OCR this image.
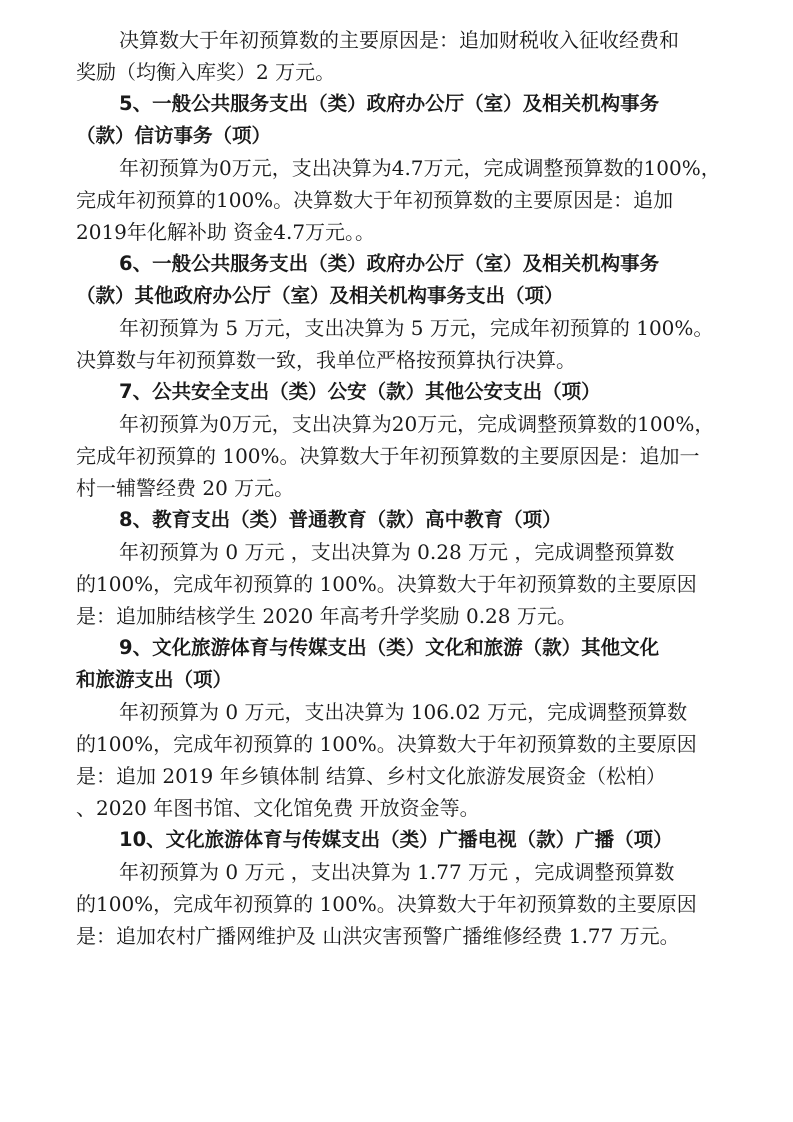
决算数大于年初预算数的主要原因是：追加财税收入征收经费和
奖励（均衡入库奖）2 万元。
5、一般公共服务支出（类）政府办公厅（室）及相关机构事务
（款）信访事务（项）
年初预算为0万元，支出决算为4.7万元，完成调整预算数的100%，
完成年初预算的100%。决算数大于年初预算数的主要原因是：追加
2019年化解补助 资金4.7万元。。
6、一般公共服务支出（类）政府办公厅（室）及相关机构事务
（款）其他政府办公厅（室）及相关机构事务支出（项）
年初预算为 5 万元，支出决算为 5 万元，完成年初预算的 100%。
决算数与年初预算数一致，我单位严格按预算执行决算。
7、公共安全支出（类）公安（款）其他公安支出（项）
年初预算为0万元，支出决算为20万元，完成调整预算数的100%，
完成年初预算的 100%。决算数大于年初预算数的主要原因是：追加一
村一辅警经费 20 万元。
8、教育支出（类）普通教育（款）高中教育（项）
年初预算为 0 万元 ，支出决算为 0.28 万元 ，完成调整预算数
的100%，完成年初预算的 100%。决算数大于年初预算数的主要原因
是：追加肺结核学生 2020 年高考升学奖励 0.28 万元。
9、文化旅游体育与传媒支出（类）文化和旅游（款）其他文化
和旅游支出（项）
年初预算为 0 万元，支出决算为 106.02 万元，完成调整预算数
的100%，完成年初预算的 100%。决算数大于年初预算数的主要原因
是：追加 2019 年乡镇体制 结算、乡村文化旅游发展资金（松柏）
、2020 年图书馆、文化馆免费 开放资金等。
10、文化旅游体育与传媒支出（类）广播电视（款）广播（项）
年初预算为 0 万元 ，支出决算为 1.77 万元 ，完成调整预算数
的100%，完成年初预算的 100%。决算数大于年初预算数的主要原因
是：追加农村广播网维护及 山洪灾害预警广播维修经费 1.77 万元。
